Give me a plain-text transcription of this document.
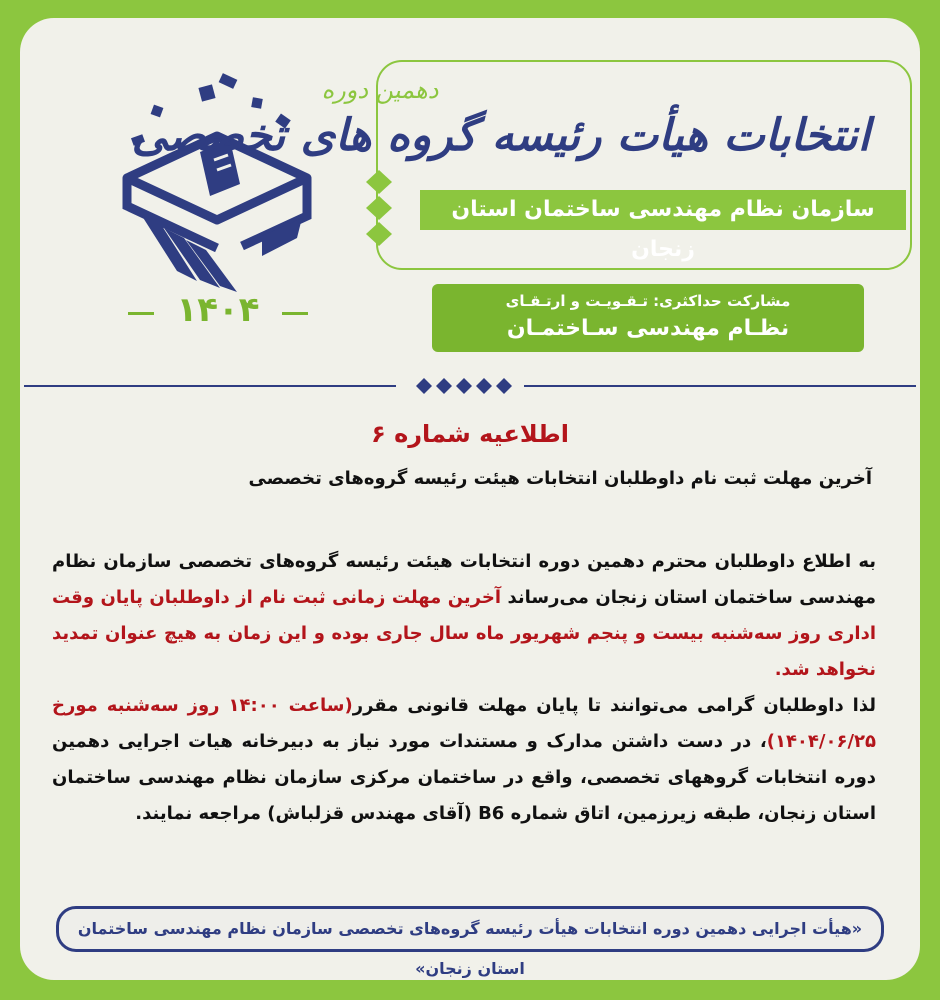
۱۴۰۴
دهمین دوره
انتخابات هیأت رئیسه گروه های تخصصی
سازمان نظام مهندسی ساختمان استان زنجان
مشارکت حداکثری: تـقـویـت و ارتـقـای
نظـام مهندسی سـاختمـان
اطلاعیه شماره ۶
آخرین مهلت ثبت نام داوطلبان انتخابات هیئت رئیسه گروه‌های تخصصی

به اطلاع داوطلبان محترم دهمین دوره انتخابات هیئت رئیسه گروه‌های تخصصی سازمان نظام مهندسی ساختمان استان زنجان می‌رساند آخرین مهلت زمانی ثبت نام از داوطلبان پایان وقت اداری روز سه‌شنبه بیست و پنجم شهریور ماه سال جاری بوده و این زمان به هیچ عنوان تمدید نخواهد شد.

لذا داوطلبان گرامی می‌توانند تا پایان مهلت قانونی مقرر(ساعت ۱۴:۰۰ روز سه‌شنبه مورخ ۱۴۰۴/۰۶/۲۵)، در دست داشتن مدارک و مستندات مورد نیاز به دبیرخانه هیات اجرایی دهمین دوره انتخابات گروههای تخصصی، واقع در ساختمان مرکزی سازمان نظام مهندسی ساختمان استان زنجان، طبقه زیرزمین، اتاق شماره B6 (آقای مهندس قزلباش) مراجعه نمایند.

«هیأت اجرایی دهمین دوره انتخابات هیأت رئیسه گروه‌های تخصصی سازمان نظام مهندسی ساختمان استان زنجان»
